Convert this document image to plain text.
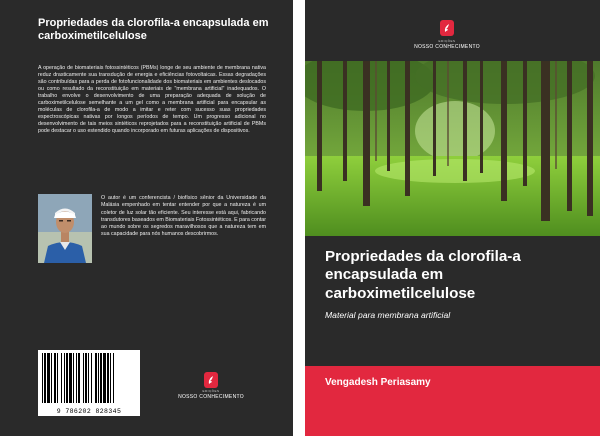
Propriedades da clorofila-a encapsulada em carboximetilcelulose

A operação de biomateriais fotossintéticos (PBMs) longe de seu ambiente de membrana nativa reduz drasticamente sua transdução de energia e eficiências fotovoltaicas. Essas degradações são contribuídas para a perda de fotofuncionalidade dos biomateriais em ambientes deslocados ou como resultado da reconstituição em materiais de "membrana artificial" inadequados. O trabalho envolve o desenvolvimento de uma preparação adequada de solução de carboximetilcelulose semelhante a um gel como a membrana artificial para encapsular as moléculas de clorofila-a de modo a imitar e reter com sucesso suas propriedades espectroscópicas nativas por longos períodos de tempo. Um progresso adicional no desenvolvimento de tais meios sintéticos reprojetados para a reconstituição artificial de PBMs pode destacar o uso estendido quando incorporado em futuras aplicações de dispositivos.

O autor é um conferencista / biofísico sênior da Universidade da Malásia empenhado em tentar entender por que a natureza é um coletor de luz solar tão eficiente. Seu interesse está aqui, fabricando transdutores baseados em Biomateriais Fotossintéticos. E para contar ao mundo sobre os segredos maravilhosos que a natureza tem em sua capacidade para nós humanos descobrirmos.

9 786202 828345
EDIÇÕES
NOSSO CONHECIMENTO
EDIÇÕES
NOSSO CONHECIMENTO
Propriedades da clorofila-a encapsulada em carboximetilcelulose
Material para membrana artificial
Vengadesh Periasamy
